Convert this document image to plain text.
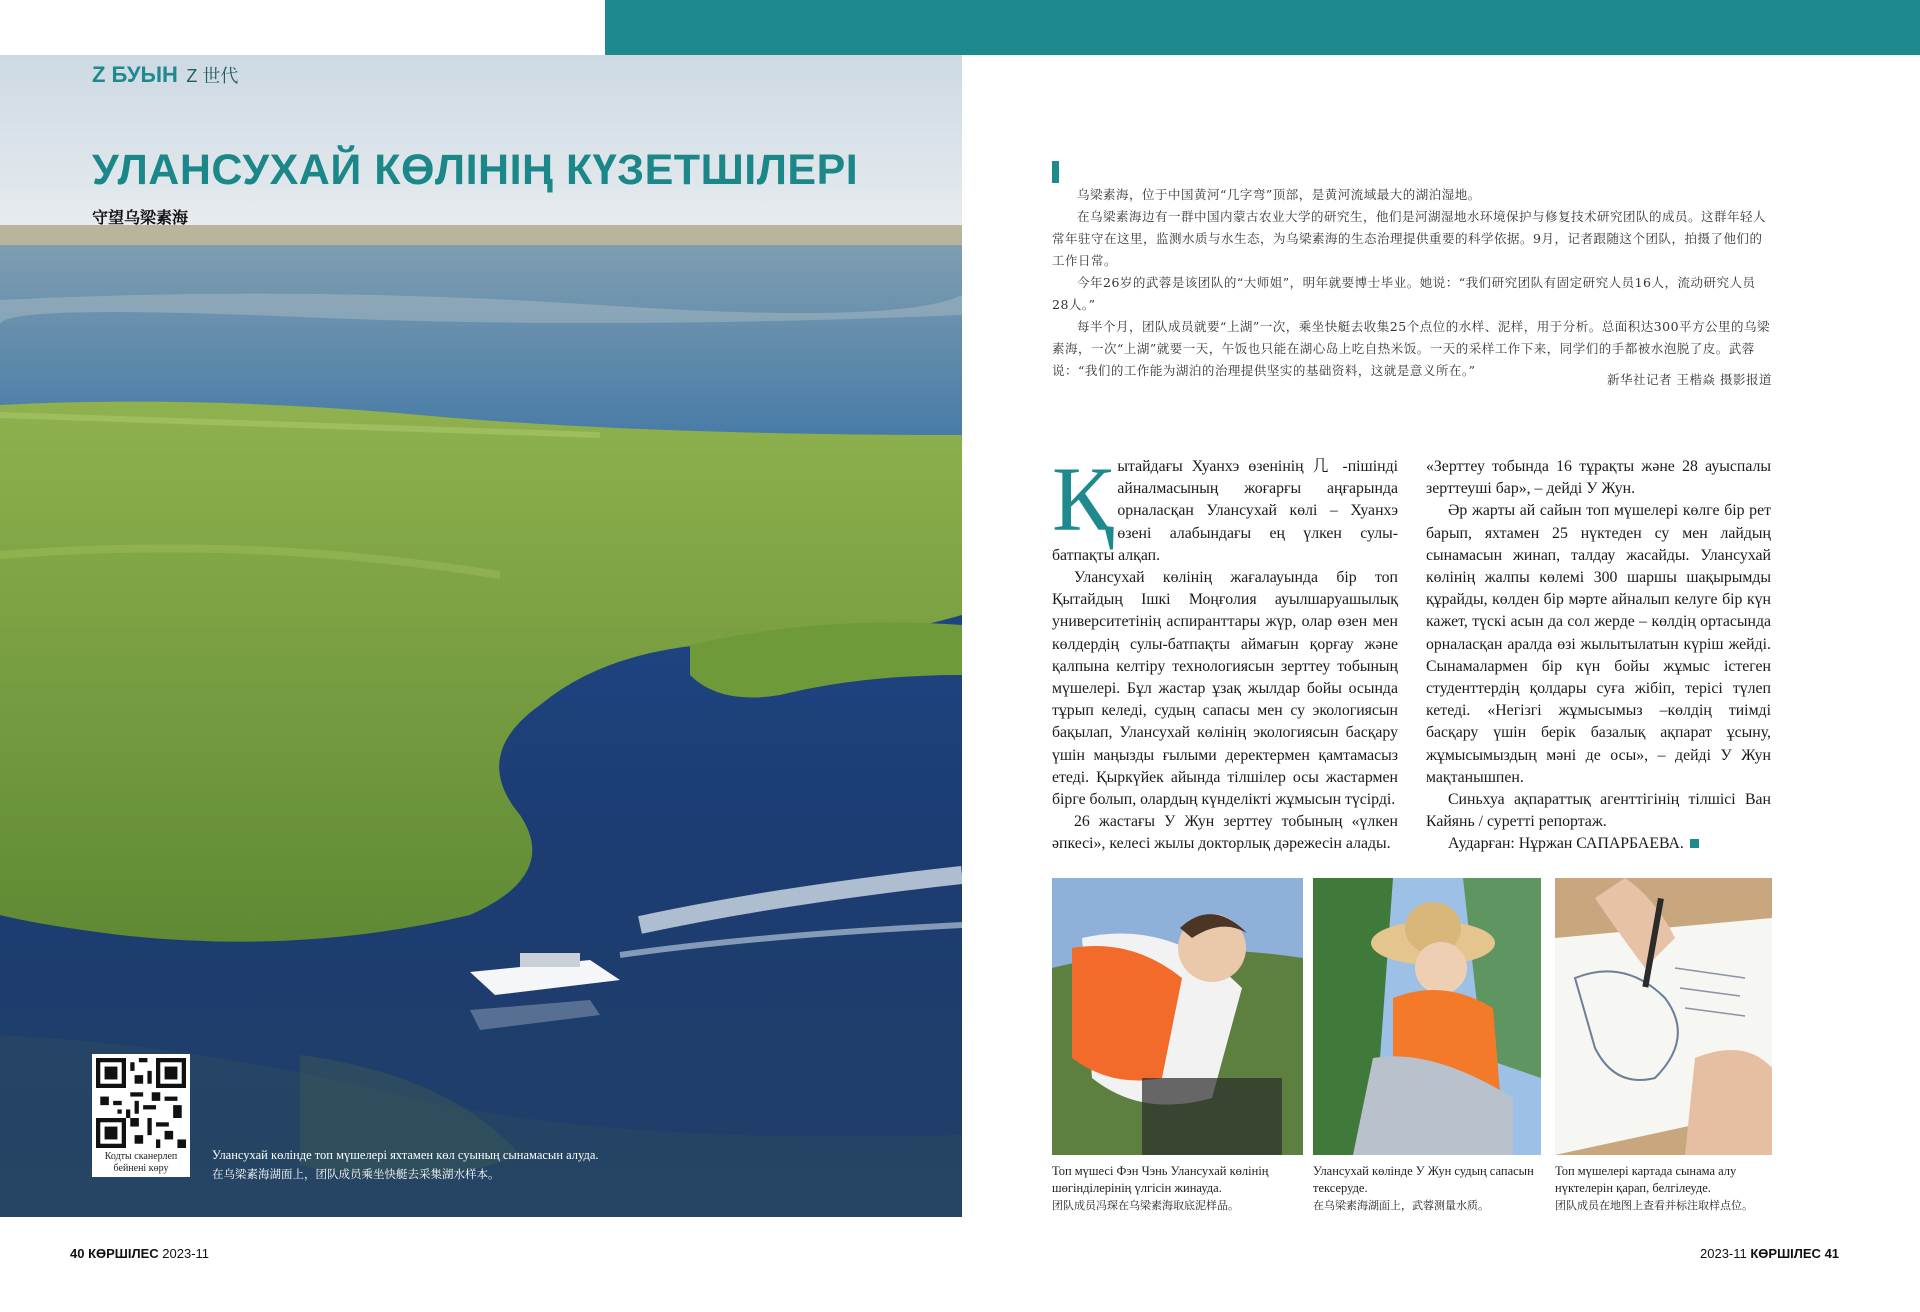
Z БУЫН Z 世代
УЛАНСУХАЙ КӨЛІНІҢ КҮЗЕТШІЛЕРІ
守望乌梁素海
Кодты сканерлеп бейнені көру
Улансухай көлінде топ мүшелері яхтамен көл суының сынамасын алуда.
在乌梁素海湖面上，团队成员乘坐快艇去采集湖水样本。

乌梁素海，位于中国黄河“几字弯”顶部，是黄河流域最大的湖泊湿地。

在乌梁素海边有一群中国内蒙古农业大学的研究生，他们是河湖湿地水环境保护与修复技术研究团队的成员。这群年轻人常年驻守在这里，监测水质与水生态，为乌梁素海的生态治理提供重要的科学依据。9月，记者跟随这个团队，拍摄了他们的工作日常。

今年26岁的武蓉是该团队的“大师姐”，明年就要博士毕业。她说：“我们研究团队有固定研究人员16人，流动研究人员28人。”

每半个月，团队成员就要“上湖”一次，乘坐快艇去收集25个点位的水样、泥样，用于分析。总面积达300平方公里的乌梁素海，一次“上湖”就要一天，午饭也只能在湖心岛上吃自热米饭。一天的采样工作下来，同学们的手都被水泡脱了皮。武蓉说：“我们的工作能为湖泊的治理提供坚实的基础资料，这就是意义所在。”

新华社记者 王楷焱 摄影报道

Қытайдағы Хуанхэ өзенінің 几 -пішінді айналмасының жоғарғы аңғарында орналасқан Улансухай көлі – Хуанхэ өзені алабындағы ең үлкен сулы-батпақты алқап.

Улансухай көлінің жағалауында бір топ Қытайдың Ішкі Моңғолия ауылшаруашылық университетінің аспиранттары жүр, олар өзен мен көлдердің сулы-батпақты аймағын қорғау және қалпына келтіру технологиясын зерттеу тобының мүшелері. Бұл жастар ұзақ жылдар бойы осында тұрып келеді, судың сапасы мен су экологиясын бақылап, Улансухай көлінің экологиясын басқару үшін маңызды ғылыми деректермен қамтамасыз етеді. Қыркүйек айында тілшілер осы жастармен бірге болып, олардың күнделікті жұмысын түсірді.

26 жастағы У Жун зерттеу тобының «үлкен әпкесі», келесі жылы докторлық дәрежесін алады.

«Зерттеу тобында 16 тұрақты және 28 ауыспалы зерттеуші бар», – дейді У Жун.

Әр жарты ай сайын топ мүшелері көлге бір рет барып, яхтамен 25 нүктеден су мен лайдың сынамасын жинап, талдау жасайды. Улансухай көлінің жалпы көлемі 300 шаршы шақырымды құрайды, көлден бір мәрте айналып келуге бір күн кажет, түскі асын да сол жерде – көлдің ортасында орналасқан аралда өзі жылытылатын күріш жейді. Сынамалармен бір күн бойы жұмыс істеген студенттердің қолдары суға жібіп, терісі түлеп кетеді. «Негізгі жұмысымыз –көлдің тиімді басқару үшін берік базалық ақпарат ұсыну, жұмысымыздың мәні де осы», – дейді У Жун мақтанышпен.

Синьхуа ақпараттық агенттігінің тілшісі Ван Кайянь / суретті репортаж.

Аударған: Нұржан САПАРБАЕВА.

Топ мүшесі Фэн Чэнь Улансухай көлінің шөгінділерінің үлгісін жинауда.
团队成员冯琛在乌梁素海取底泥样品。
Улансухай көлінде У Жун судың сапасын тексеруде.
在乌梁素海湖面上，武蓉测量水质。
Топ мүшелері картада сынама алу нүктелерін қарап, белгілеуде.
团队成员在地图上查看并标注取样点位。
40 КӨРШІЛЕС 2023-11	2023-11 КӨРШІЛЕС 41
